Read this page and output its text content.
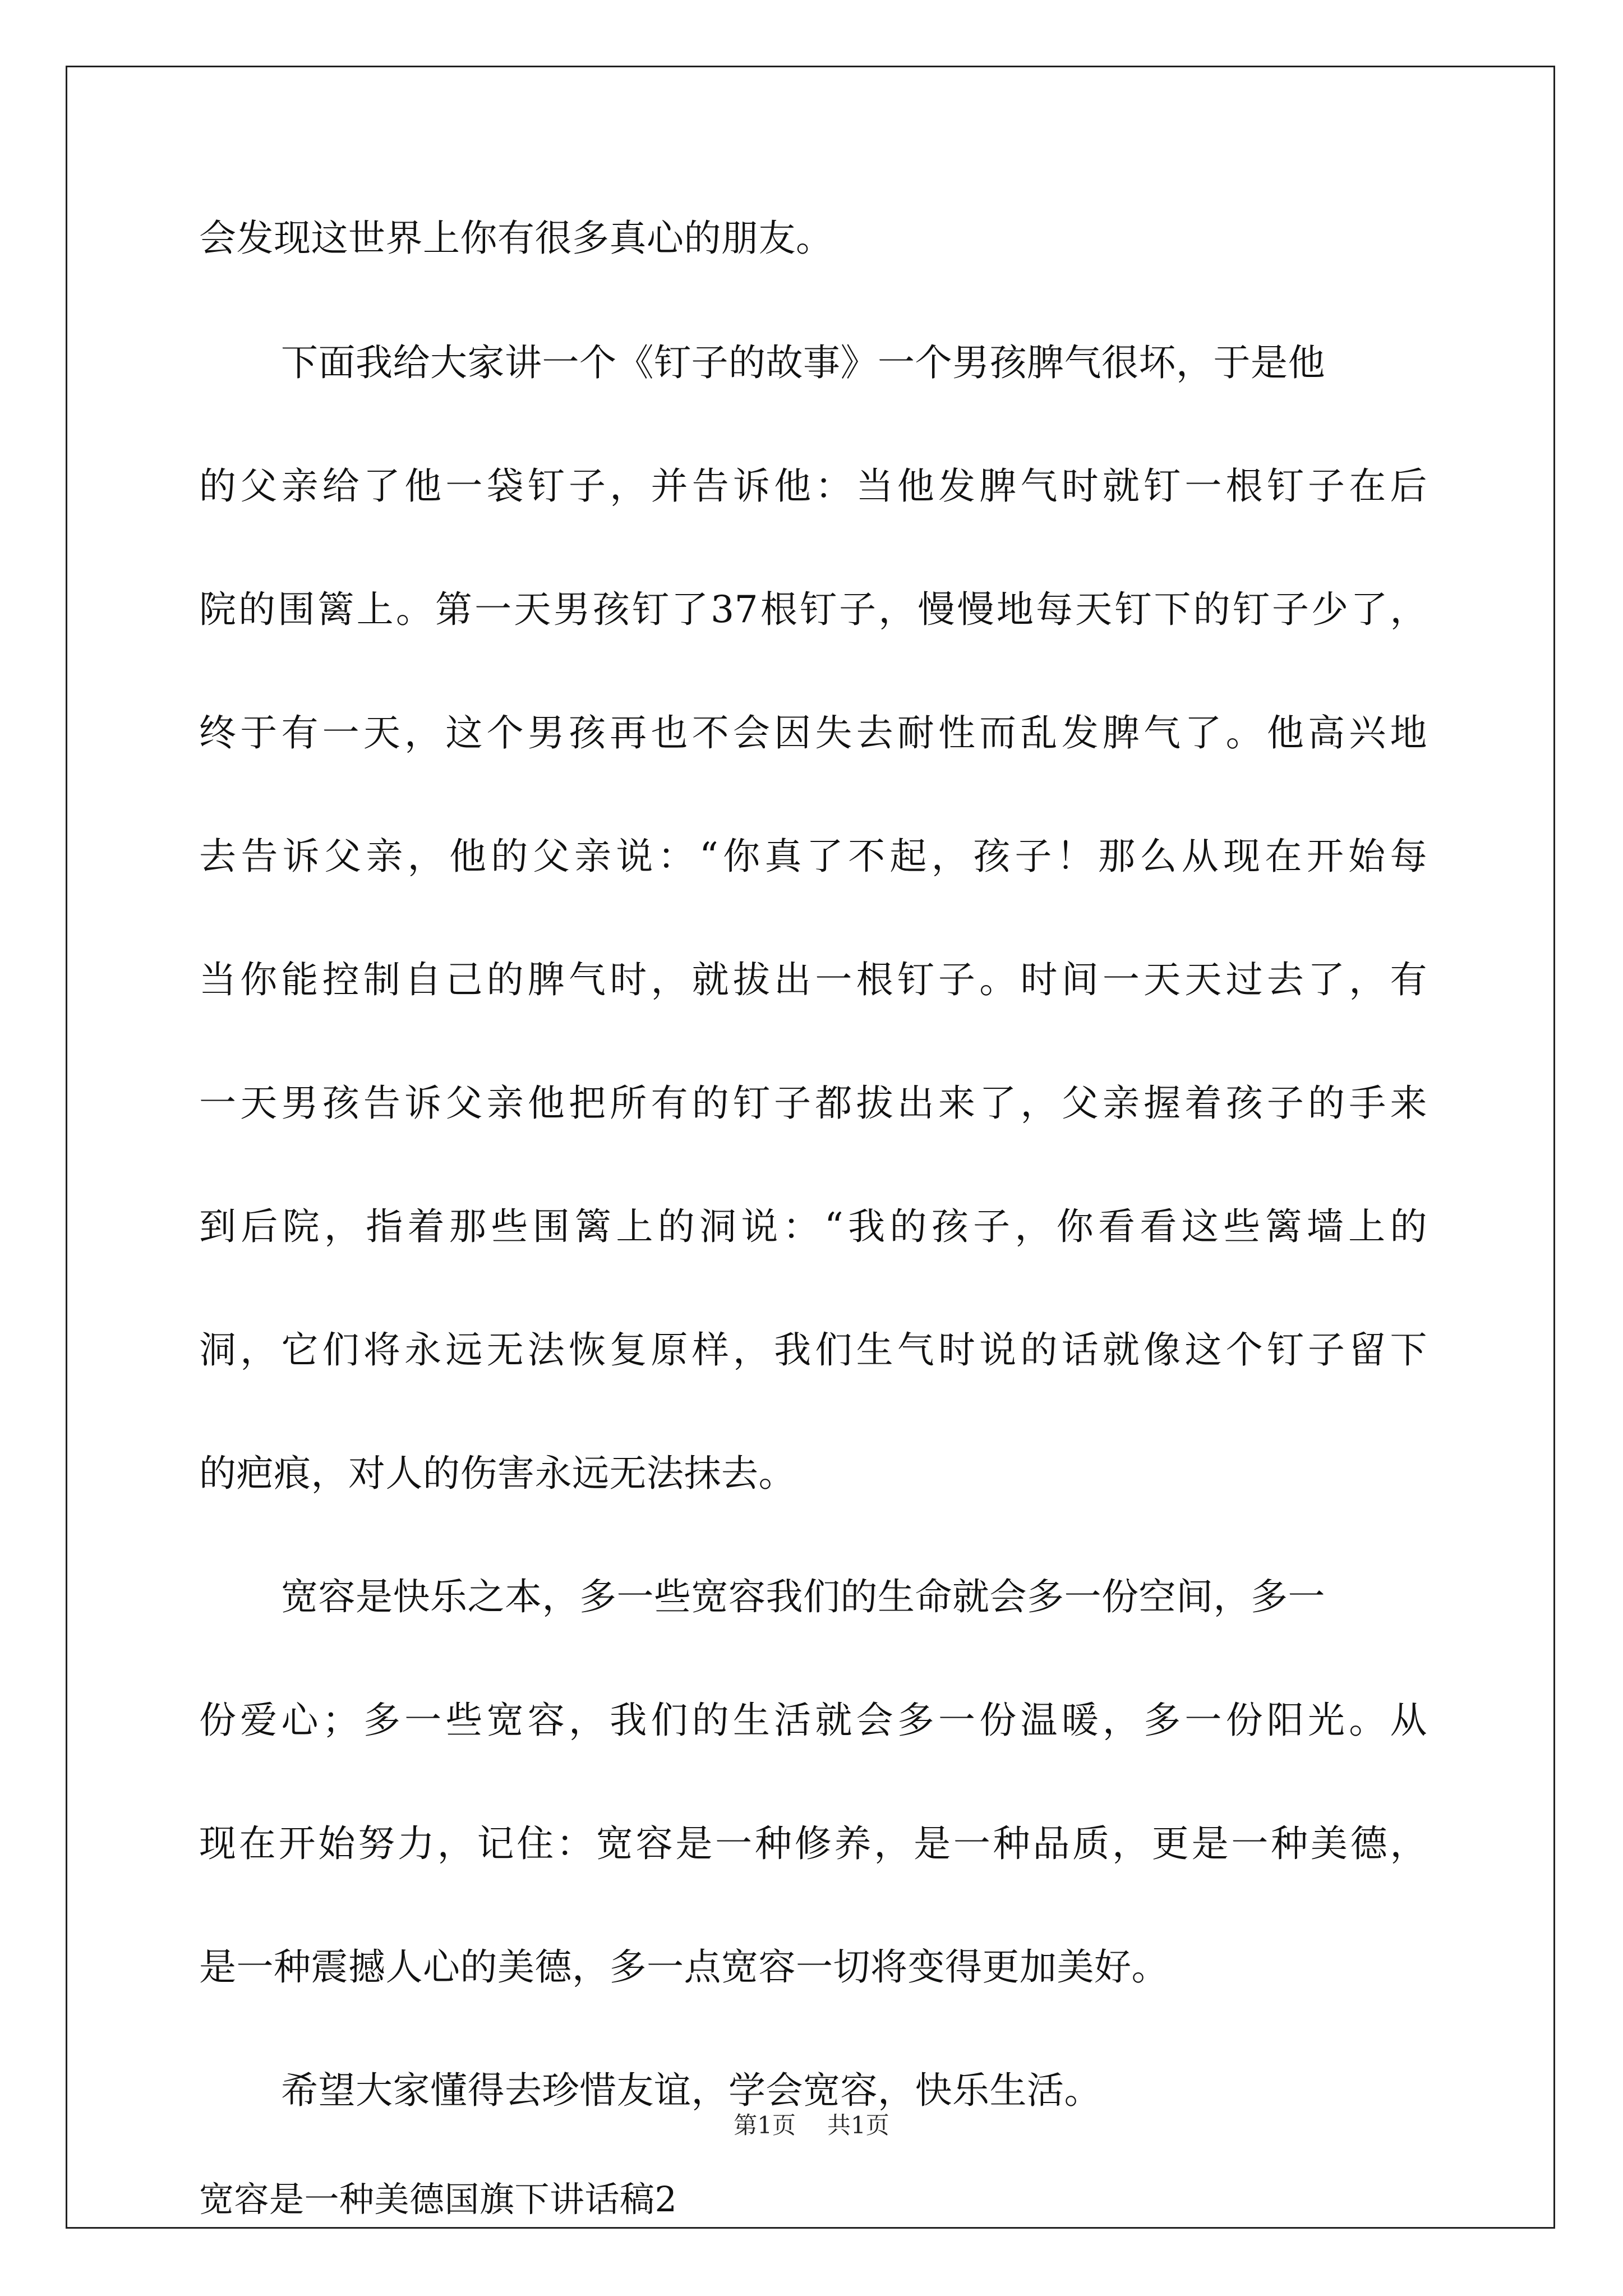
会发现这世界上你有很多真心的朋友。
下面我给大家讲一个《钉子的故事》一个男孩脾气很坏，于是他
的父亲给了他一袋钉子，并告诉他：当他发脾气时就钉一根钉子在后
院的围篱上。第一天男孩钉了37根钉子，慢慢地每天钉下的钉子少了，
终于有一天，这个男孩再也不会因失去耐性而乱发脾气了。他高兴地
去告诉父亲，他的父亲说：“你真了不起，孩子！那么从现在开始每
当你能控制自己的脾气时，就拔出一根钉子。时间一天天过去了，有
一天男孩告诉父亲他把所有的钉子都拔出来了，父亲握着孩子的手来
到后院，指着那些围篱上的洞说：“我的孩子，你看看这些篱墙上的
洞，它们将永远无法恢复原样，我们生气时说的话就像这个钉子留下
的疤痕，对人的伤害永远无法抹去。
宽容是快乐之本，多一些宽容我们的生命就会多一份空间，多一
份爱心；多一些宽容，我们的生活就会多一份温暖，多一份阳光。从
现在开始努力，记住：宽容是一种修养，是一种品质，更是一种美德，
是一种震撼人心的美德，多一点宽容一切将变得更加美好。
希望大家懂得去珍惜友谊，学会宽容，快乐生活。
宽容是一种美德国旗下讲话稿2
第1页 共1页
